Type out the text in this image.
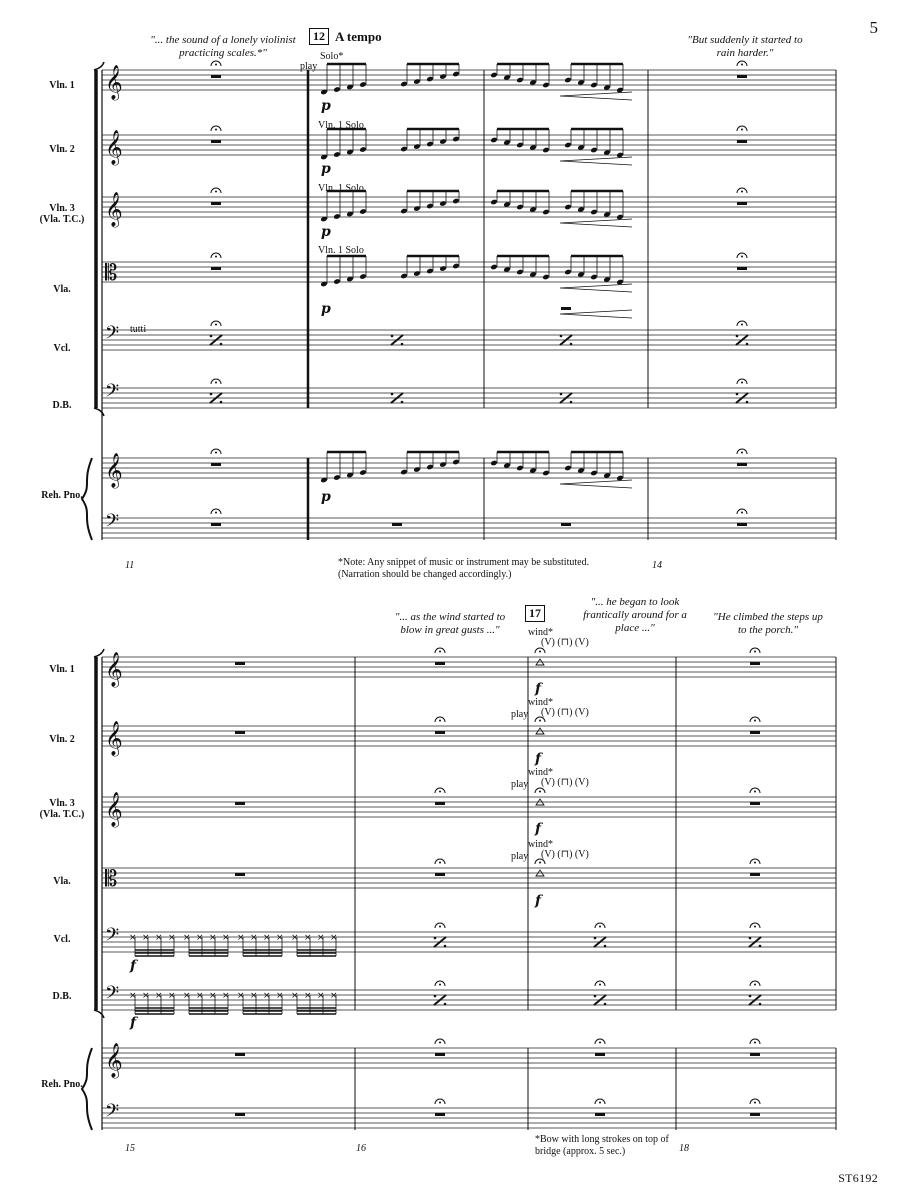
𝄞
𝄞
𝄞
𝄡
𝄢
𝄢
𝄞
𝄢
𝄞
𝄞
𝄞
𝄡
𝄢
𝄢
𝄞
𝄢
× × × × × × × × × × × × × × × ×
× × × × × × × × × × × × × × × ×
5
ST6192
"... the sound of a lonely violinist practicing scales.*"
"But suddenly it started to rain harder."
12 A tempo
Solo*
play
Vln. 1 Solo
Vln. 1 Solo
Vln. 1 Solo
tutti
p
p
p
p
p
11	14
*Note: Any snippet of music or instrument may be substituted.
(Narration should be changed accordingly.)
Vln. 1
Vln. 2
Vln. 3
(Vla. T.C.)
Vla.
Vcl.
D.B.
Reh. Pno.
"... as the wind started to blow in great gusts ..."
"... he began to look frantically around for a place ..."
"He climbed the steps up to the porch."
17
wind*
(V) (⊓) (V)
wind*
play (V) (⊓) (V)
wind*
play (V) (⊓) (V)
wind*
play (V) (⊓) (V)
f
f
f
f
f
f
15	16	18
*Bow with long strokes on top of bridge (approx. 5 sec.)
Vln. 1
Vln. 2
Vln. 3
(Vla. T.C.)
Vla.
Vcl.
D.B.
Reh. Pno.
